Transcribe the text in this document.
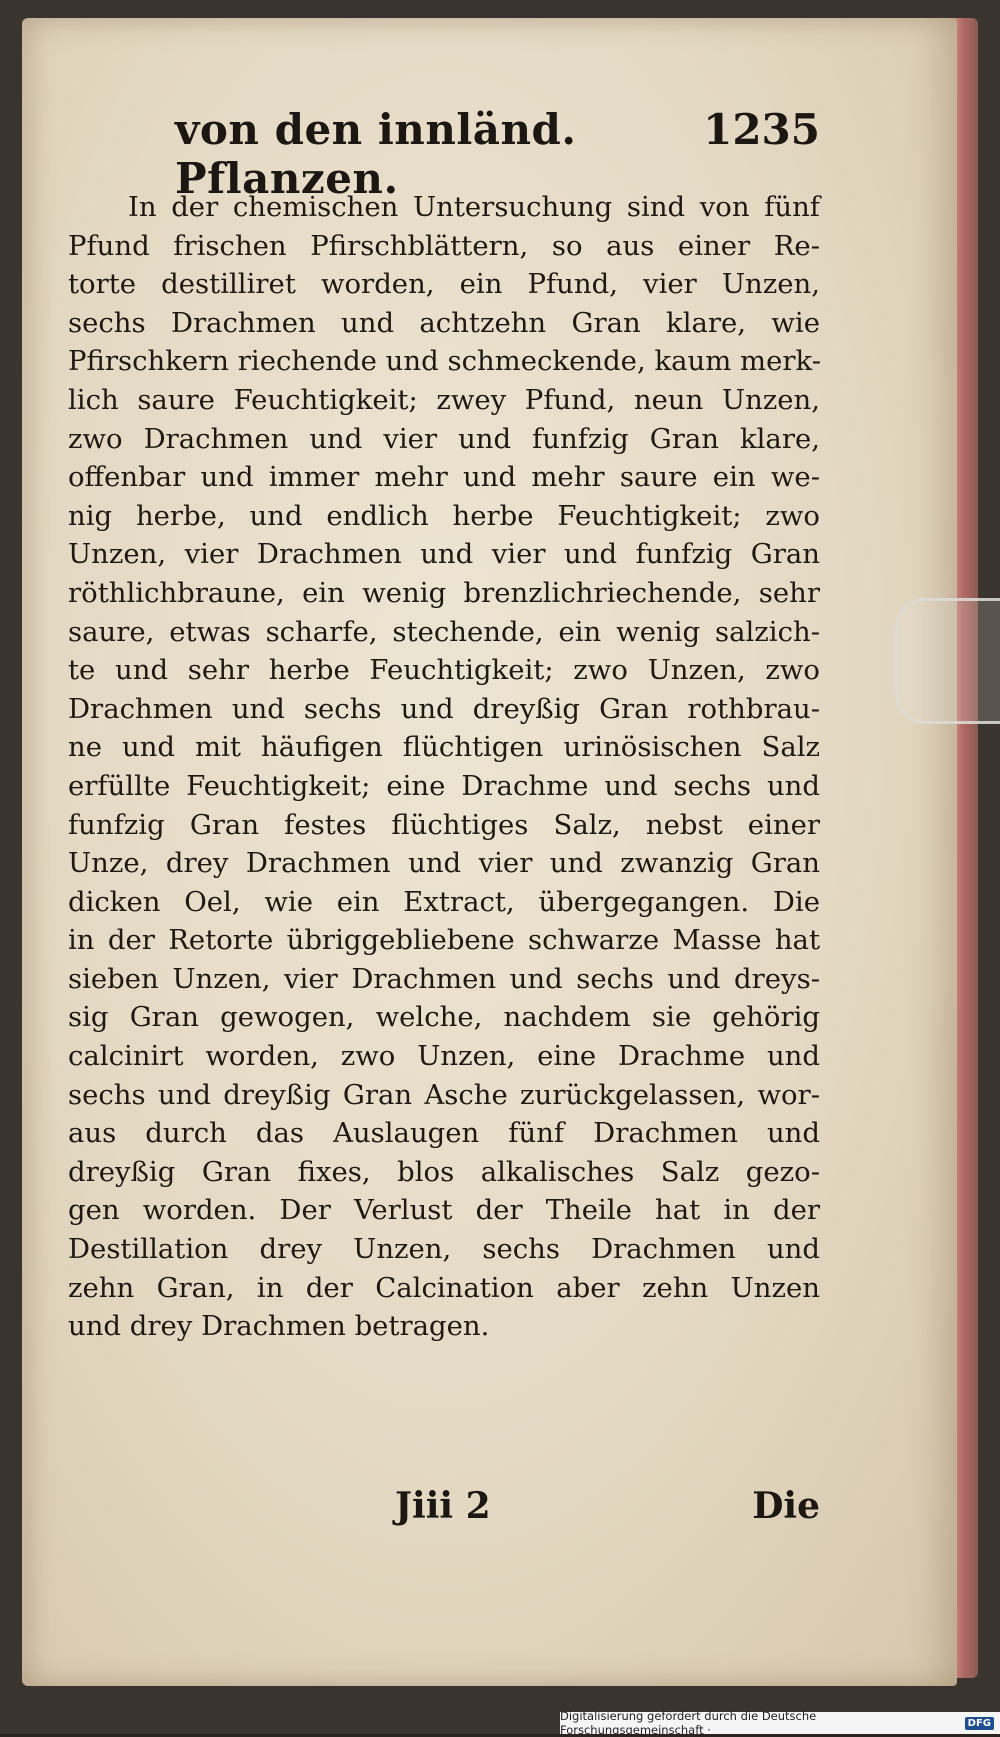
von den innländ. Pflanzen.
1235
In der chemischen Untersuchung sind von fünf
Pfund frischen Pfirschblättern, so aus einer Re-
torte destilliret worden, ein Pfund, vier Unzen,
sechs Drachmen und achtzehn Gran klare, wie
Pfirschkern riechende und schmeckende, kaum merk-
lich saure Feuchtigkeit; zwey Pfund, neun Unzen,
zwo Drachmen und vier und funfzig Gran klare,
offenbar und immer mehr und mehr saure ein we-
nig herbe, und endlich herbe Feuchtigkeit; zwo
Unzen, vier Drachmen und vier und funfzig Gran
röthlichbraune, ein wenig brenzlichriechende, sehr
saure, etwas scharfe, stechende, ein wenig salzich-
te und sehr herbe Feuchtigkeit; zwo Unzen, zwo
Drachmen und sechs und dreyßig Gran rothbrau-
ne und mit häufigen flüchtigen urinösischen Salz
erfüllte Feuchtigkeit; eine Drachme und sechs und
funfzig Gran festes flüchtiges Salz, nebst einer
Unze, drey Drachmen und vier und zwanzig Gran
dicken Oel, wie ein Extract, übergegangen. Die
in der Retorte übriggebliebene schwarze Masse hat
sieben Unzen, vier Drachmen und sechs und dreys-
sig Gran gewogen, welche, nachdem sie gehörig
calcinirt worden, zwo Unzen, eine Drachme und
sechs und dreyßig Gran Asche zurückgelassen, wor-
aus durch das Auslaugen fünf Drachmen und
dreyßig Gran fixes, blos alkalisches Salz gezo-
gen worden. Der Verlust der Theile hat in der
Destillation drey Unzen, sechs Drachmen und
zehn Gran, in der Calcination aber zehn Unzen
und drey Drachmen betragen.
Jiii 2	Die
Digitalisierung gefördert durch die Deutsche Forschungsgemeinschaft ·	DFG
